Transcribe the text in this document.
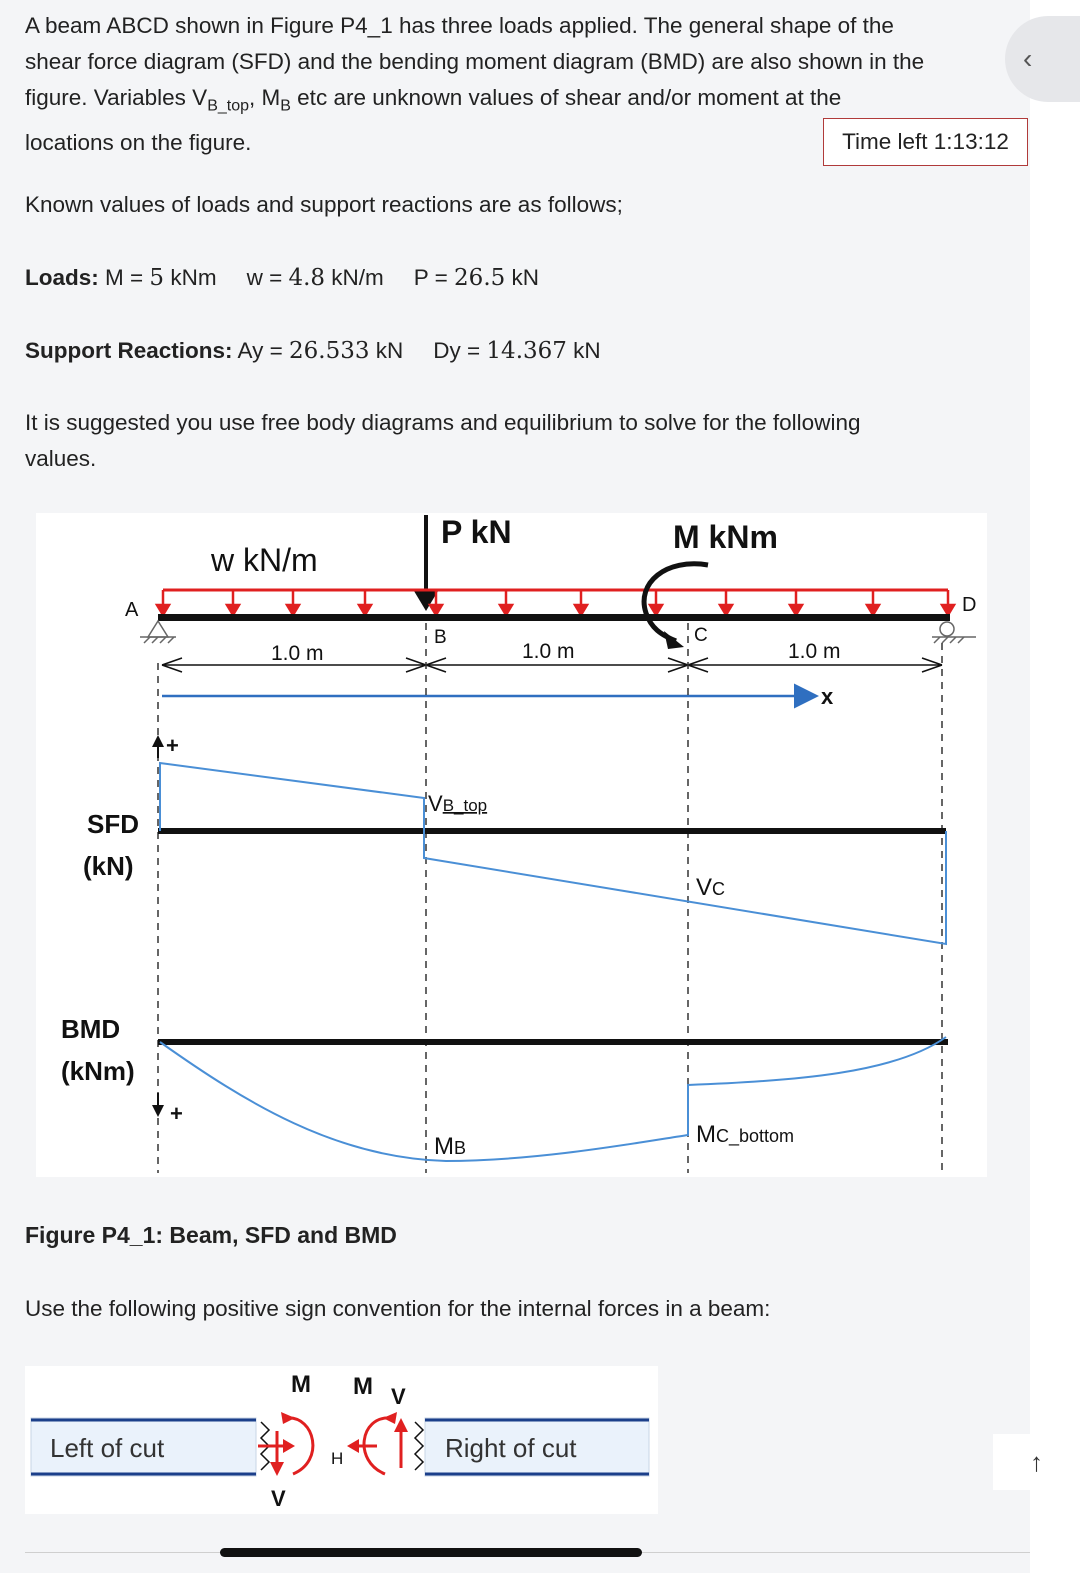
A beam ABCD shown in Figure P4_1 has three loads applied. The general shape of the
shear force diagram (SFD) and the bending moment diagram (BMD) are also shown in the
figure. Variables $V_{B\_top}$, $M_B$ etc are unknown values of shear and/or moment at the
locations on the figure.	Time left 1:13:12
Known values of loads and support reactions are as follows;
Loads: M = 5 kNm w = 4.8 kN/m P = 26.5 kN
Support Reactions: Ay = 26.533 kN Dy = 14.367 kN

It is suggested you use free body diagrams and equilibrium to solve for the following
values.

w kN/m
P kN	M kNm
A
B	C
D
1.0 m	1.0 m	1.0 m
x
SFD
(kN)
+
VB_top
VC
BMD
(kNm)
+
MB	MC_bottom
Figure P4_1: Beam, SFD and BMD
Use the following positive sign convention for the internal forces in a beam:
Left of cut	Right of cut
M M V
V
H
‹
↑
